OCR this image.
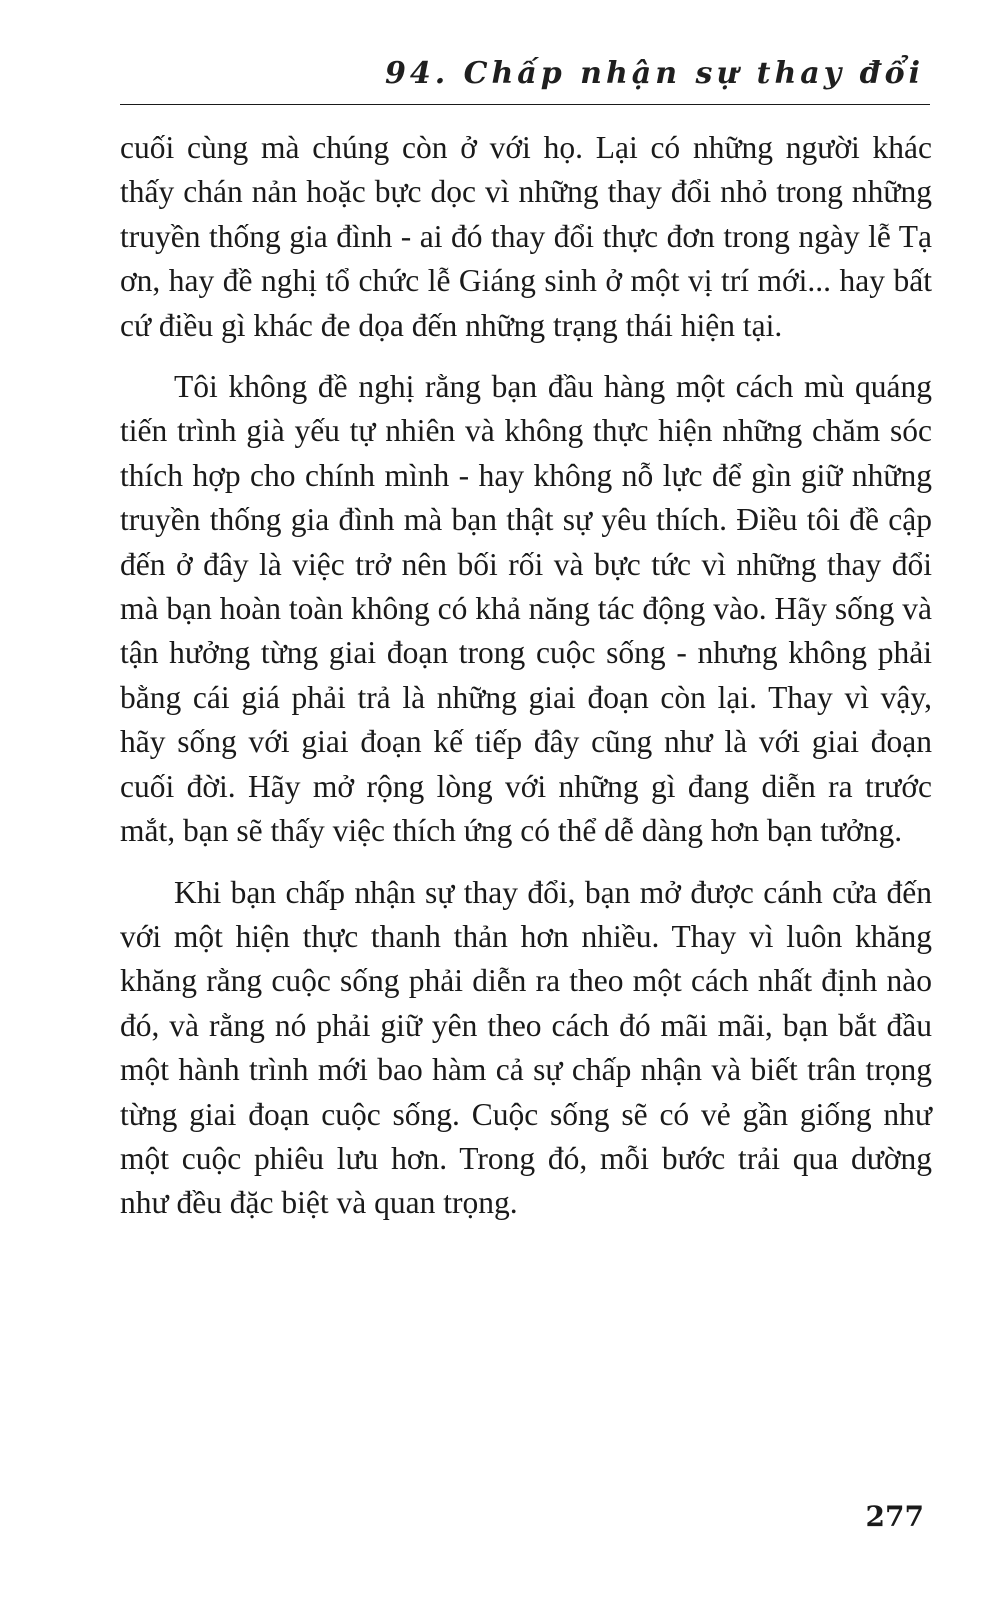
94. Chấp nhận sự thay đổi

cuối cùng mà chúng còn ở với họ. Lại có những người khác thấy chán nản hoặc bực dọc vì những thay đổi nhỏ trong những truyền thống gia đình - ai đó thay đổi thực đơn trong ngày lễ Tạ ơn, hay đề nghị tổ chức lễ Giáng sinh ở một vị trí mới... hay bất cứ điều gì khác đe dọa đến những trạng thái hiện tại.

Tôi không đề nghị rằng bạn đầu hàng một cách mù quáng tiến trình già yếu tự nhiên và không thực hiện những chăm sóc thích hợp cho chính mình - hay không nỗ lực để gìn giữ những truyền thống gia đình mà bạn thật sự yêu thích. Điều tôi đề cập đến ở đây là việc trở nên bối rối và bực tức vì những thay đổi mà bạn hoàn toàn không có khả năng tác động vào. Hãy sống và tận hưởng từng giai đoạn trong cuộc sống - nhưng không phải bằng cái giá phải trả là những giai đoạn còn lại. Thay vì vậy, hãy sống với giai đoạn kế tiếp đây cũng như là với giai đoạn cuối đời. Hãy mở rộng lòng với những gì đang diễn ra trước mắt, bạn sẽ thấy việc thích ứng có thể dễ dàng hơn bạn tưởng.

Khi bạn chấp nhận sự thay đổi, bạn mở được cánh cửa đến với một hiện thực thanh thản hơn nhiều. Thay vì luôn khăng khăng rằng cuộc sống phải diễn ra theo một cách nhất định nào đó, và rằng nó phải giữ yên theo cách đó mãi mãi, bạn bắt đầu một hành trình mới bao hàm cả sự chấp nhận và biết trân trọng từng giai đoạn cuộc sống. Cuộc sống sẽ có vẻ gần giống như một cuộc phiêu lưu hơn. Trong đó, mỗi bước trải qua dường như đều đặc biệt và quan trọng.

277
